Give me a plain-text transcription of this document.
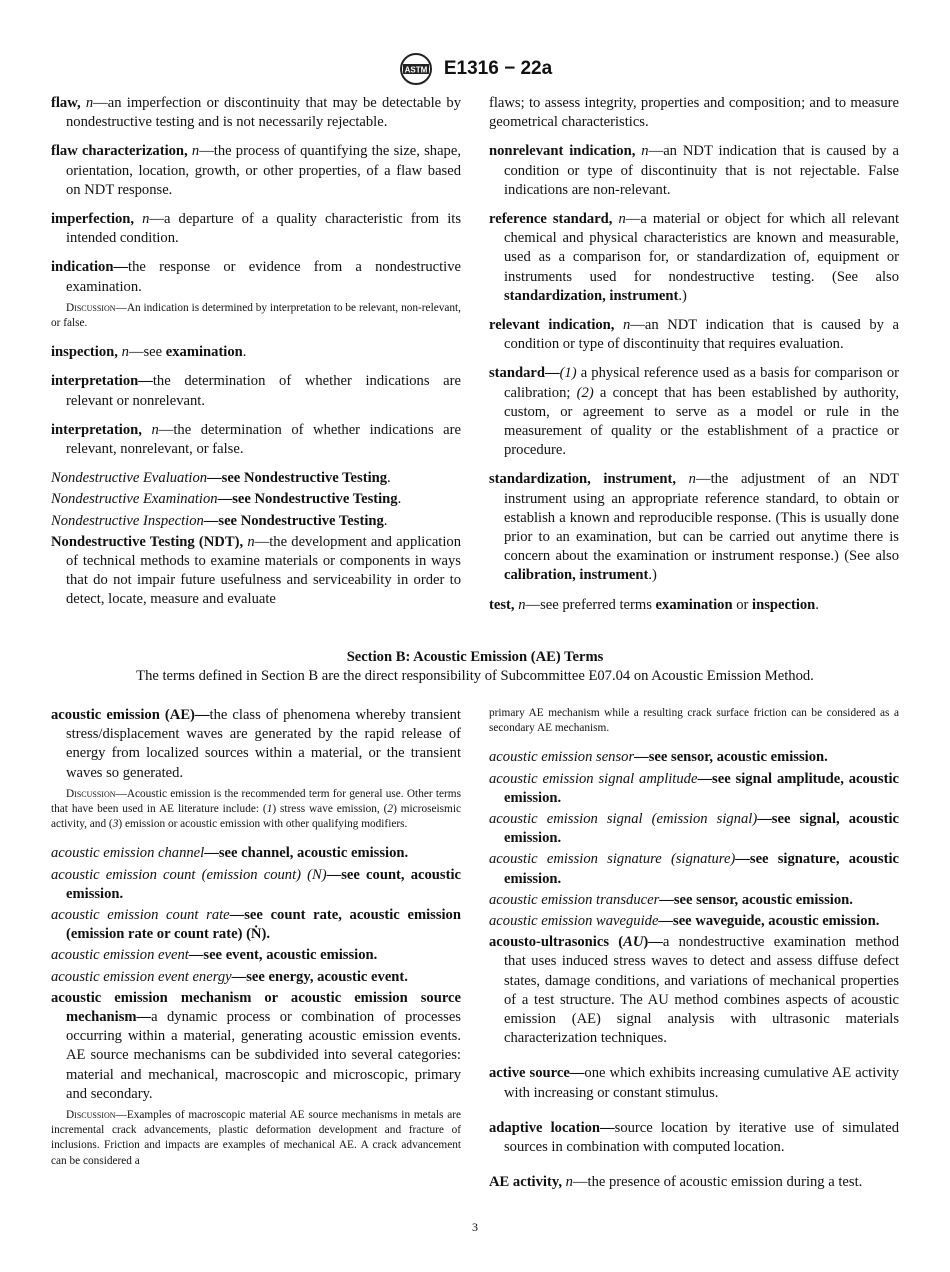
ASTM E1316 − 22a

flaw, n—an imperfection or discontinuity that may be detectable by nondestructive testing and is not necessarily rejectable.

flaw characterization, n—the process of quantifying the size, shape, orientation, location, growth, or other properties, of a flaw based on NDT response.

imperfection, n—a departure of a quality characteristic from its intended condition.

indication—the response or evidence from a nondestructive examination.

Discussion—An indication is determined by interpretation to be relevant, non-relevant, or false.

inspection, n—see examination.

interpretation—the determination of whether indications are relevant or nonrelevant.

interpretation, n—the determination of whether indications are relevant, nonrelevant, or false.

Nondestructive Evaluation—see Nondestructive Testing.

Nondestructive Examination—see Nondestructive Testing.

Nondestructive Inspection—see Nondestructive Testing.

Nondestructive Testing (NDT), n—the development and application of technical methods to examine materials or components in ways that do not impair future usefulness and serviceability in order to detect, locate, measure and evaluate

flaws; to assess integrity, properties and composition; and to measure geometrical characteristics.

nonrelevant indication, n—an NDT indication that is caused by a condition or type of discontinuity that is not rejectable. False indications are non-relevant.

reference standard, n—a material or object for which all relevant chemical and physical characteristics are known and measurable, used as a comparison for, or standardization of, equipment or instruments used for nondestructive testing. (See also standardization, instrument.)

relevant indication, n—an NDT indication that is caused by a condition or type of discontinuity that requires evaluation.

standard—(1) a physical reference used as a basis for comparison or calibration; (2) a concept that has been established by authority, custom, or agreement to serve as a model or rule in the measurement of quality or the establishment of a practice or procedure.

standardization, instrument, n—the adjustment of an NDT instrument using an appropriate reference standard, to obtain or establish a known and reproducible response. (This is usually done prior to an examination, but can be carried out anytime there is concern about the examination or instrument response.) (See also calibration, instrument.)

test, n—see preferred terms examination or inspection.

Section B: Acoustic Emission (AE) Terms
The terms defined in Section B are the direct responsibility of Subcommittee E07.04 on Acoustic Emission Method.

acoustic emission (AE)—the class of phenomena whereby transient stress/displacement waves are generated by the rapid release of energy from localized sources within a material, or the transient waves so generated.

Discussion—Acoustic emission is the recommended term for general use. Other terms that have been used in AE literature include: (1) stress wave emission, (2) microseismic activity, and (3) emission or acoustic emission with other qualifying modifiers.

acoustic emission channel—see channel, acoustic emission.

acoustic emission count (emission count) (N)—see count, acoustic emission.

acoustic emission count rate—see count rate, acoustic emission (emission rate or count rate) (Ṅ).

acoustic emission event—see event, acoustic emission.

acoustic emission event energy—see energy, acoustic event.

acoustic emission mechanism or acoustic emission source mechanism—a dynamic process or combination of processes occurring within a material, generating acoustic emission events. AE source mechanisms can be subdivided into several categories: material and mechanical, macroscopic and microscopic, primary and secondary.

Discussion—Examples of macroscopic material AE source mechanisms in metals are incremental crack advancements, plastic deformation development and fracture of inclusions. Friction and impacts are examples of mechanical AE. A crack advancement can be considered a

primary AE mechanism while a resulting crack surface friction can be considered as a secondary AE mechanism.

acoustic emission sensor—see sensor, acoustic emission.

acoustic emission signal amplitude—see signal amplitude, acoustic emission.

acoustic emission signal (emission signal)—see signal, acoustic emission.

acoustic emission signature (signature)—see signature, acoustic emission.

acoustic emission transducer—see sensor, acoustic emission.

acoustic emission waveguide—see waveguide, acoustic emission.

acousto-ultrasonics (AU)—a nondestructive examination method that uses induced stress waves to detect and assess diffuse defect states, damage conditions, and variations of mechanical properties of a test structure. The AU method combines aspects of acoustic emission (AE) signal analysis with ultrasonic materials characterization techniques.

active source—one which exhibits increasing cumulative AE activity with increasing or constant stimulus.

adaptive location—source location by iterative use of simulated sources in combination with computed location.

AE activity, n—the presence of acoustic emission during a test.

3
